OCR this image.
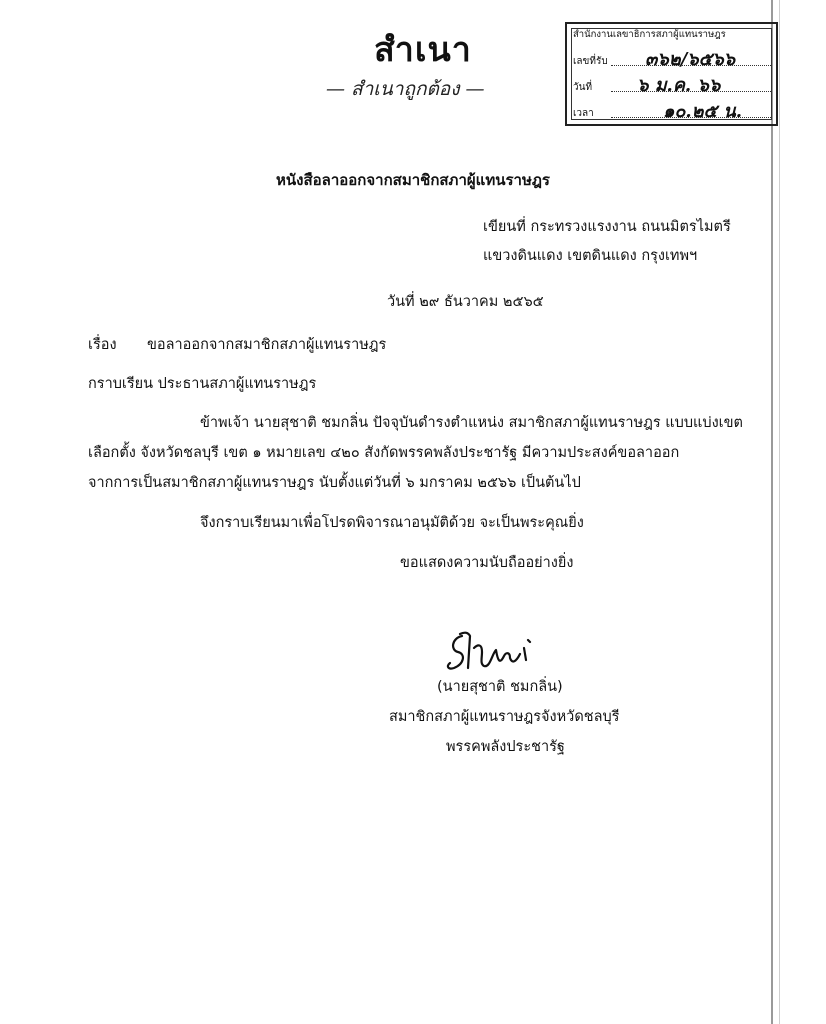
สำเนา
— สำเนาถูกต้อง —
สำนักงานเลขาธิการสภาผู้แทนราษฎร
เลขที่รับ
วันที่
เวลา
๓๖๒/๖๕๖๖
๖ ม.ค. ๖๖
๑๐.๒๕ น.
หนังสือลาออกจากสมาชิกสภาผู้แทนราษฎร
เขียนที่ กระทรวงแรงงาน ถนนมิตรไมตรี
แขวงดินแดง เขตดินแดง กรุงเทพฯ
วันที่ ๒๙ ธันวาคม ๒๕๖๕
เรื่อง ขอลาออกจากสมาชิกสภาผู้แทนราษฎร
กราบเรียน ประธานสภาผู้แทนราษฎร
ข้าพเจ้า นายสุชาติ ชมกลิ่น ปัจจุบันดำรงตำแหน่ง สมาชิกสภาผู้แทนราษฎร แบบแบ่งเขต
เลือกตั้ง จังหวัดชลบุรี เขต ๑ หมายเลข ๔๒๐ สังกัดพรรคพลังประชารัฐ มีความประสงค์ขอลาออก
จากการเป็นสมาชิกสภาผู้แทนราษฎร นับตั้งแต่วันที่ ๖ มกราคม ๒๕๖๖ เป็นต้นไป
จึงกราบเรียนมาเพื่อโปรดพิจารณาอนุมัติด้วย จะเป็นพระคุณยิ่ง
ขอแสดงความนับถืออย่างยิ่ง
(นายสุชาติ ชมกลิ่น)
สมาชิกสภาผู้แทนราษฎรจังหวัดชลบุรี
พรรคพลังประชารัฐ
